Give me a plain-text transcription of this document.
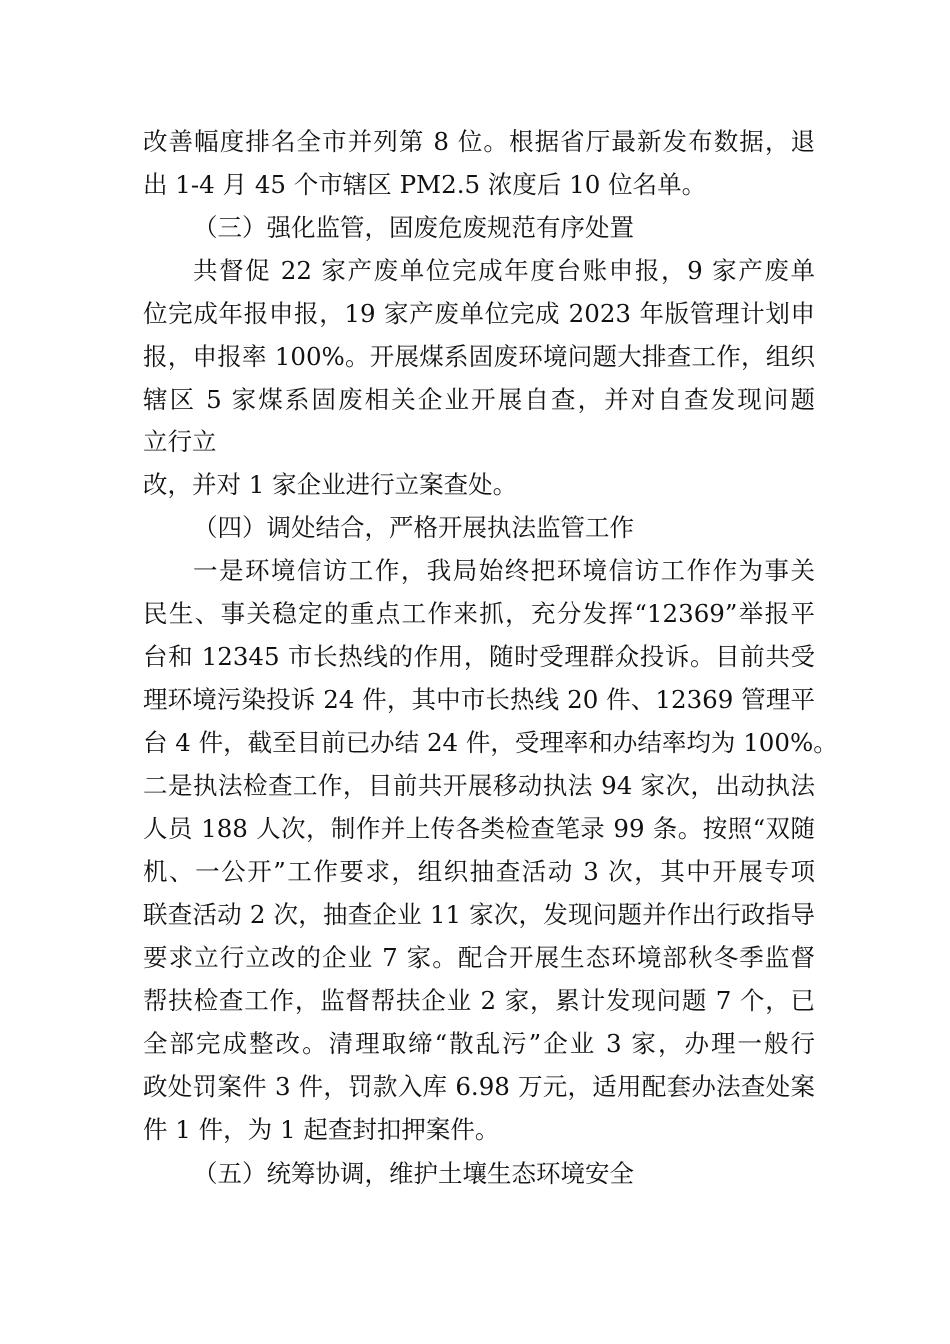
改善幅度排名全市并列第 8 位。根据省厅最新发布数据，退
出 1-4 月 45 个市辖区 PM2.5 浓度后 10 位名单。
（三）强化监管，固废危废规范有序处置
共督促 22 家产废单位完成年度台账申报，9 家产废单
位完成年报申报，19 家产废单位完成 2023 年版管理计划申
报，申报率 100%。开展煤系固废环境问题大排查工作，组织
辖区 5 家煤系固废相关企业开展自查，并对自查发现问题
立行立
改，并对 1 家企业进行立案查处。
（四）调处结合，严格开展执法监管工作
一是环境信访工作，我局始终把环境信访工作作为事关
民生、事关稳定的重点工作来抓，充分发挥“12369”举报平
台和 12345 市长热线的作用，随时受理群众投诉。目前共受
理环境污染投诉 24 件，其中市长热线 20 件、12369 管理平
台 4 件，截至目前已办结 24 件，受理率和办结率均为 100%。
二是执法检查工作，目前共开展移动执法 94 家次，出动执法
人员 188 人次，制作并上传各类检查笔录 99 条。按照“双随
机、一公开”工作要求，组织抽查活动 3 次，其中开展专项
联查活动 2 次，抽查企业 11 家次，发现问题并作出行政指导
要求立行立改的企业 7 家。配合开展生态环境部秋冬季监督
帮扶检查工作，监督帮扶企业 2 家，累计发现问题 7 个，已
全部完成整改。清理取缔“散乱污”企业 3 家，办理一般行
政处罚案件 3 件，罚款入库 6.98 万元，适用配套办法查处案
件 1 件，为 1 起查封扣押案件。
（五）统筹协调，维护土壤生态环境安全
